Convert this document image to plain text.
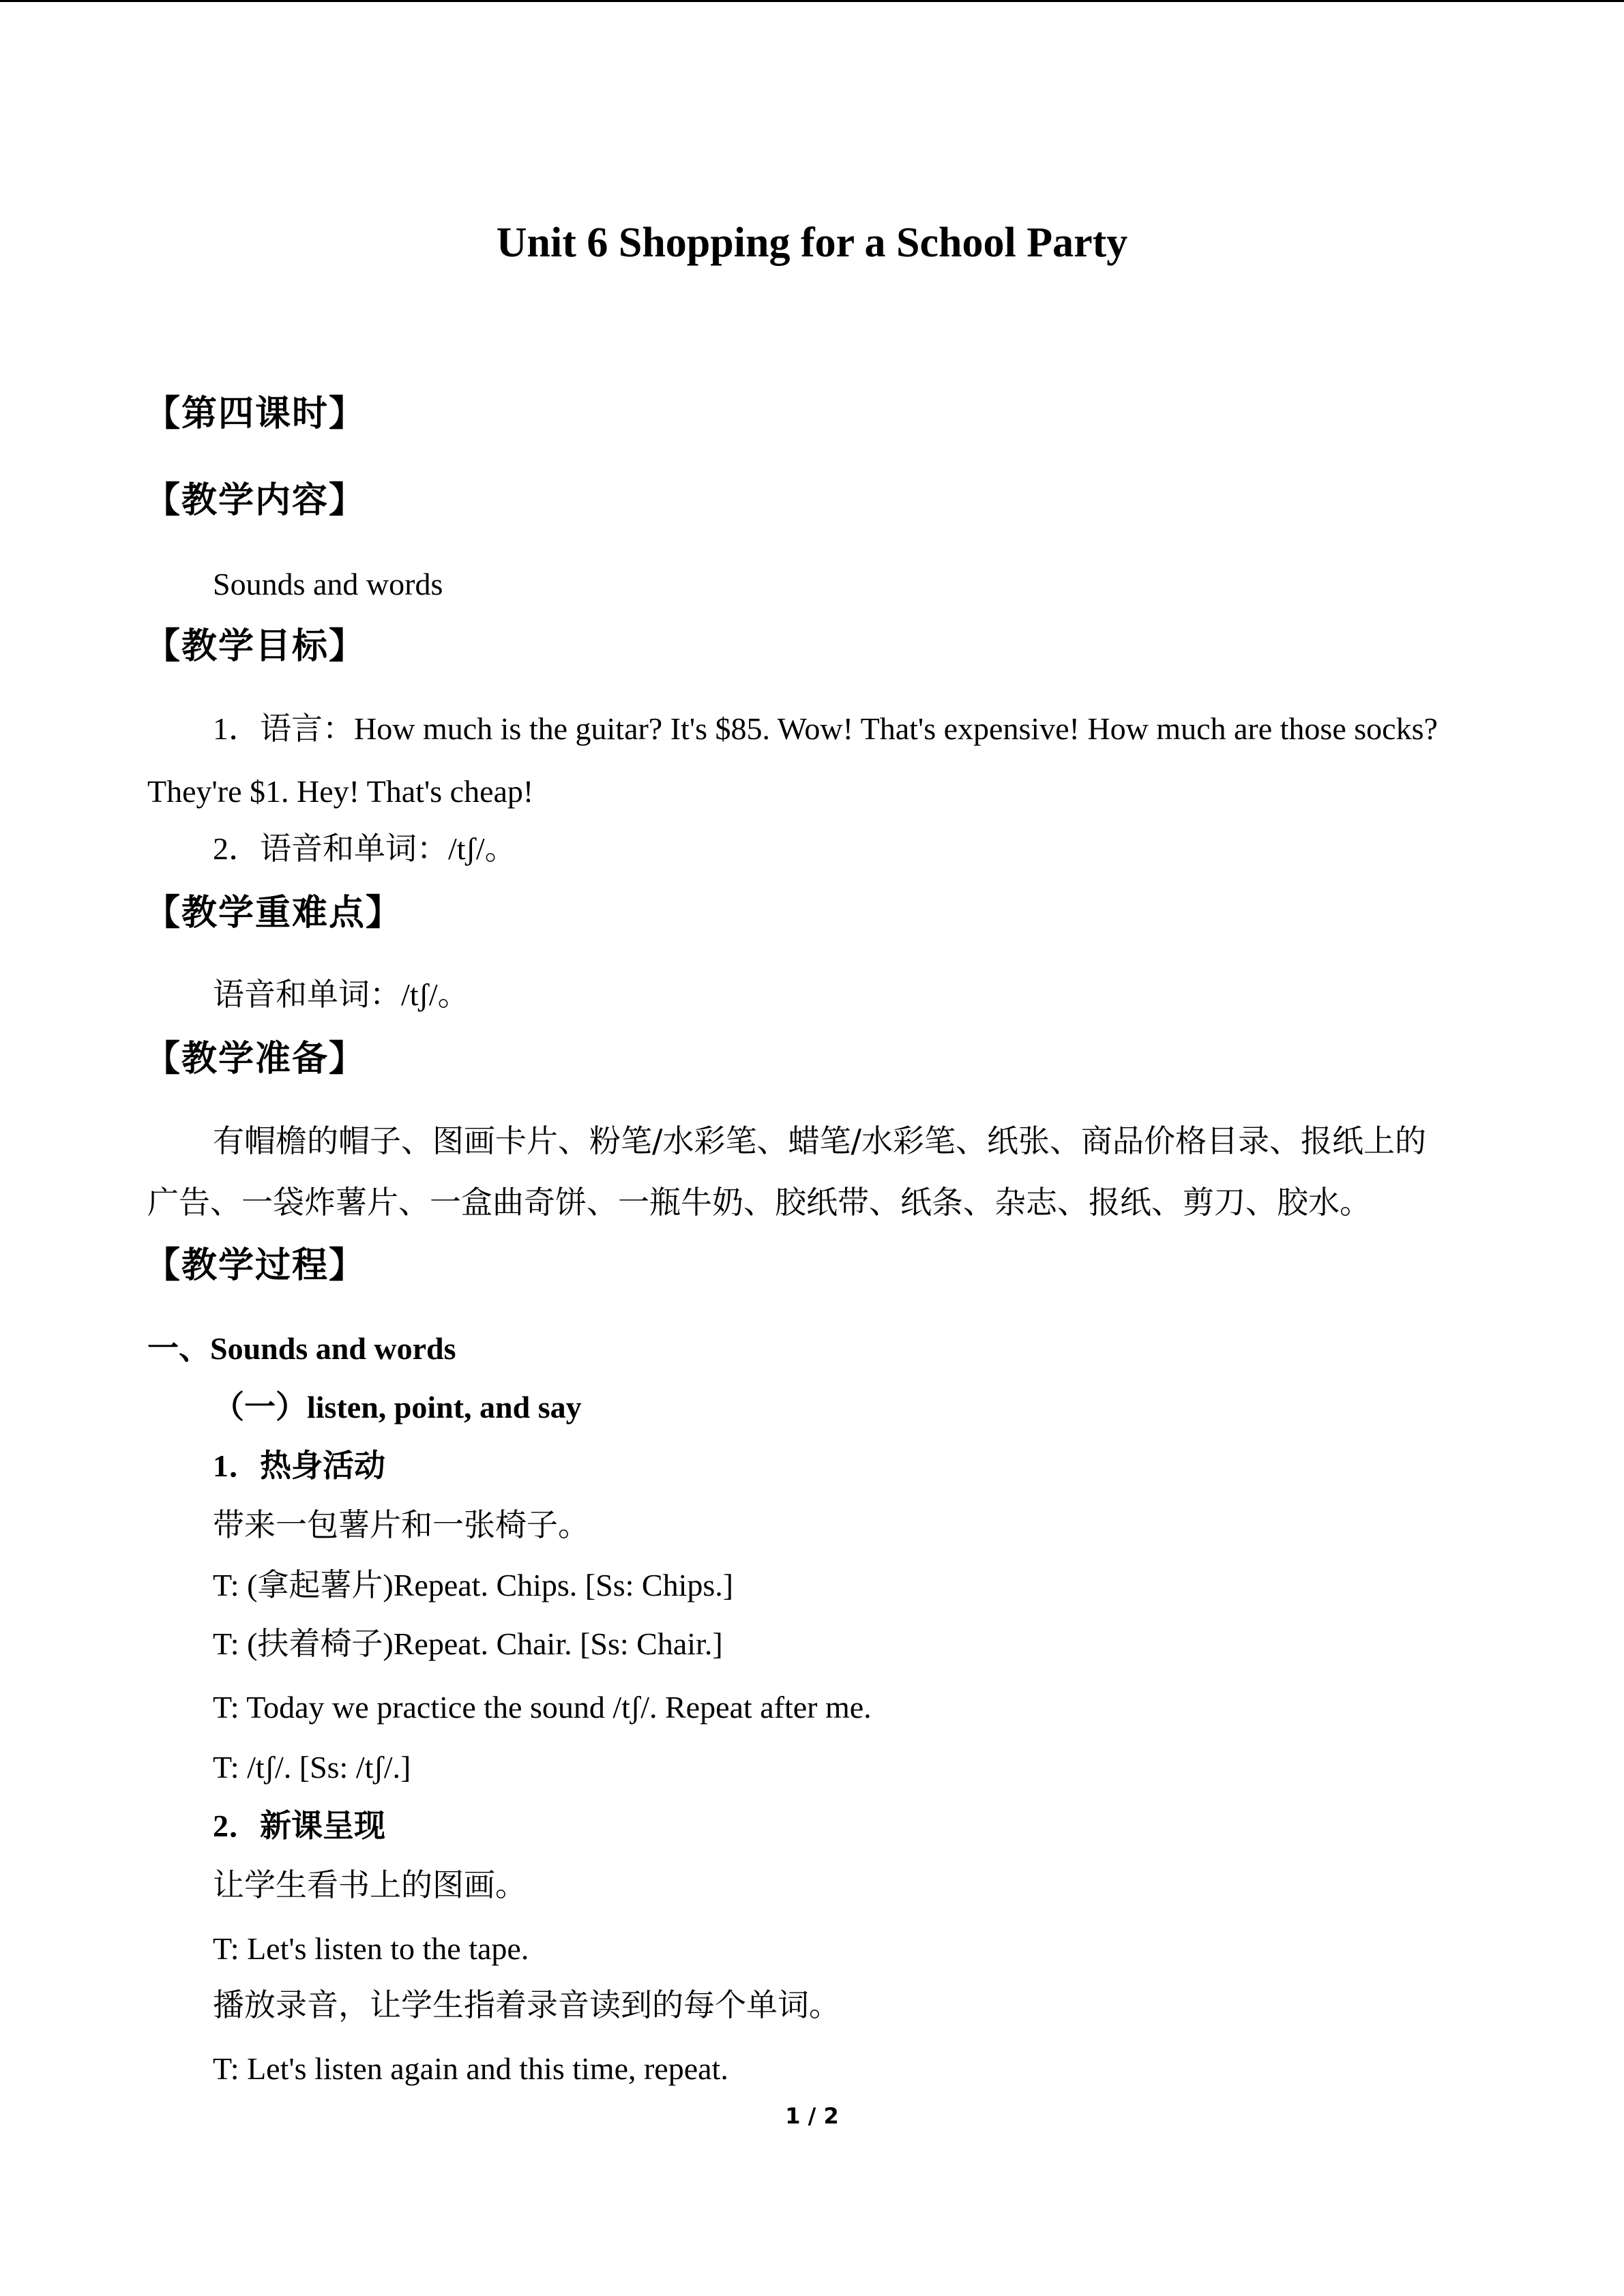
Unit 6 Shopping for a School Party
【第四课时】
【教学内容】
Sounds and words
【教学目标】
1．语言：How much is the guitar? It's $85. Wow! That's expensive! How much are those socks?
They're $1. Hey! That's cheap!
2．语音和单词：/tʃ/。
【教学重难点】
语音和单词：/tʃ/。
【教学准备】
有帽檐的帽子、图画卡片、粉笔/水彩笔、蜡笔/水彩笔、纸张、商品价格目录、报纸上的
广告、一袋炸薯片、一盒曲奇饼、一瓶牛奶、胶纸带、纸条、杂志、报纸、剪刀、胶水。
【教学过程】
一、Sounds and words
（一）listen, point, and say
1．热身活动
带来一包薯片和一张椅子。
T: (拿起薯片)Repeat. Chips. [Ss: Chips.]
T: (扶着椅子)Repeat. Chair. [Ss: Chair.]
T: Today we practice the sound /tʃ/. Repeat after me.
T: /tʃ/. [Ss: /tʃ/.]
2．新课呈现
让学生看书上的图画。
T: Let's listen to the tape.
播放录音，让学生指着录音读到的每个单词。
T: Let's listen again and this time, repeat.
1 / 2
